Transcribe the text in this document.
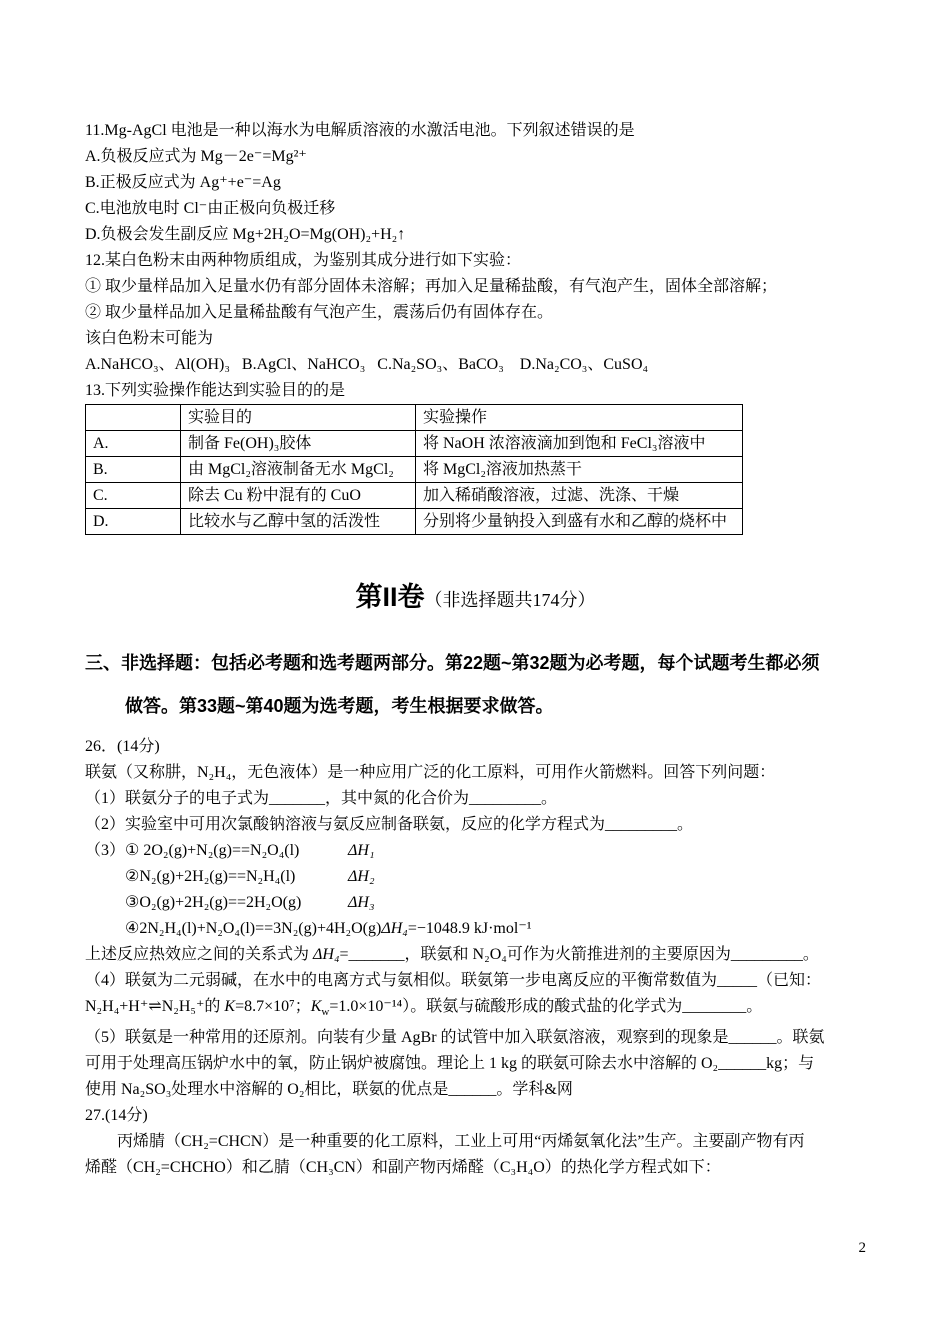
11.Mg‐AgCl 电池是一种以海水为电解质溶液的水激活电池。下列叙述错误的是

A.负极反应式为 Mg－2e⁻=Mg²⁺

B.正极反应式为 Ag⁺+e⁻=Ag

C.电池放电时 Cl⁻由正极向负极迁移

D.负极会发生副反应 Mg+2H₂O=Mg(OH)₂+H₂↑

12.某白色粉末由两种物质组成，为鉴别其成分进行如下实验：

① 取少量样品加入足量水仍有部分固体未溶解；再加入足量稀盐酸，有气泡产生，固体全部溶解；

② 取少量样品加入足量稀盐酸有气泡产生，震荡后仍有固体存在。

该白色粉末可能为

A.NaHCO₃、Al(OH)₃   B.AgCl、NaHCO₃   C.Na₂SO₃、BaCO₃    D.Na₂CO₃、CuSO₄

13.下列实验操作能达到实验目的的是

	实验目的	实验操作
A.	制备 Fe(OH)₃胶体	将 NaOH 浓溶液滴加到饱和 FeCl₃溶液中
B.	由 MgCl₂溶液制备无水 MgCl₂	将 MgCl₂溶液加热蒸干
C.	除去 Cu 粉中混有的 CuO	加入稀硝酸溶液，过滤、洗涤、干燥
D.	比较水与乙醇中氢的活泼性	分别将少量钠投入到盛有水和乙醇的烧杯中
第II卷（非选择题共174分）

三、非选择题：包括必考题和选考题两部分。第22题~第32题为必考题，每个试题考生都必须

做答。第33题~第40题为选考题，考生根据要求做答。

26．(14分)

联氨（又称肼，N₂H₄，无色液体）是一种应用广泛的化工原料，可用作火箭燃料。回答下列问题：

（1）联氨分子的电子式为_______，其中氮的化合价为_________。

（2）实验室中可用次氯酸钠溶液与氨反应制备联氨，反应的化学方程式为_________。

（3）① 2O₂(g)+N₂(g)==N₂O₄(l)	ΔH₁

②N₂(g)+2H₂(g)==N₂H₄(l)	ΔH₂

③O₂(g)+2H₂(g)==2H₂O(g)	ΔH₃

④2N₂H₄(l)+N₂O₄(l)==3N₂(g)+4H₂O(g)ΔH₄=−1048.9 kJ·mol⁻¹

上述反应热效应之间的关系式为 ΔH₄=_______，联氨和 N₂O₄可作为火箭推进剂的主要原因为_________。

（4）联氨为二元弱碱，在水中的电离方式与氨相似。联氨第一步电离反应的平衡常数值为_____（已知：

N₂H₄+H⁺⇌N₂H₅⁺的 K=8.7×10⁷；$K_w=1.0\times 10^{-14}$）。联氨与硫酸形成的酸式盐的化学式为________。

（5）联氨是一种常用的还原剂。向装有少量 AgBr 的试管中加入联氨溶液，观察到的现象是______。联氨

可用于处理高压锅炉水中的氧，防止锅炉被腐蚀。理论上 1 kg 的联氨可除去水中溶解的 O₂______kg；与

使用 Na₂SO₃处理水中溶解的 O₂相比，联氨的优点是______。学科&网

27.(14分)

丙烯腈（CH₂=CHCN）是一种重要的化工原料，工业上可用“丙烯氨氧化法”生产。主要副产物有丙

烯醛（CH₂=CHCHO）和乙腈（CH₃CN）和副产物丙烯醛（C₃H₄O）的热化学方程式如下：

2
